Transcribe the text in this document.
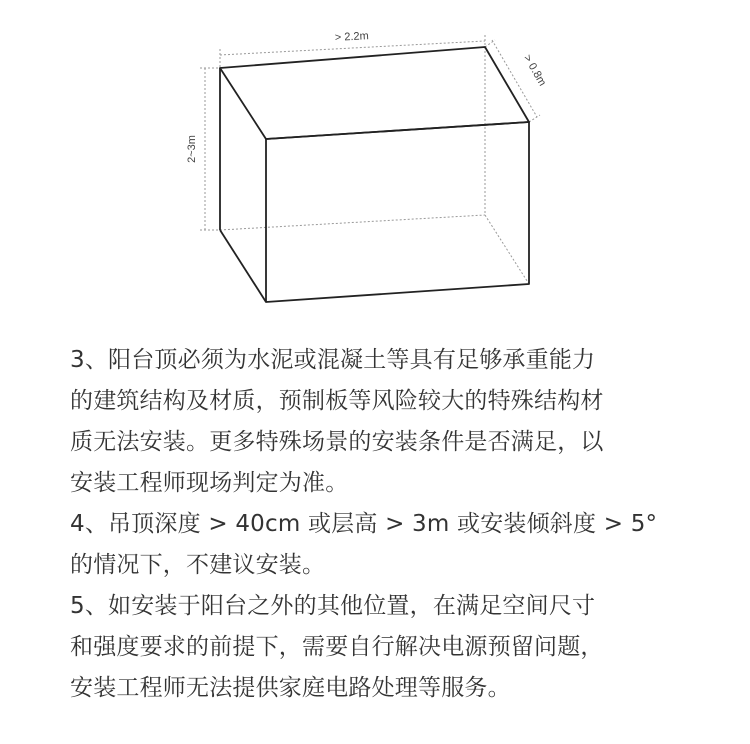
> 2.2m
> 0.8m
2~3m

3、阳台顶必须为水泥或混凝土等具有足够承重能力

的建筑结构及材质，预制板等风险较大的特殊结构材

质无法安装。更多特殊场景的安装条件是否满足，以

安装工程师现场判定为准。

4、吊顶深度 > 40cm 或层高 > 3m 或安装倾斜度 > 5°

的情况下，不建议安装。

5、如安装于阳台之外的其他位置，在满足空间尺寸

和强度要求的前提下，需要自行解决电源预留问题，

安装工程师无法提供家庭电路处理等服务。
